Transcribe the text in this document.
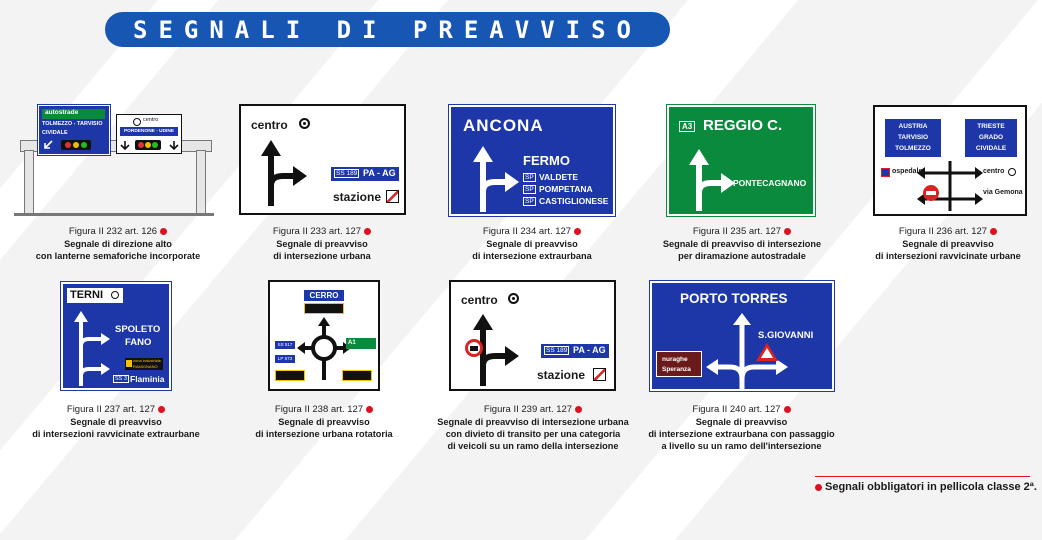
SEGNALI DI PREAVVISO
autostrade
TOLMEZZO - TARVISIO
CIVIDALE
centro
PORDENONE - UDINE
Figura II 232 art. 126
Segnale di direzione alto
con lanterne semaforiche incorporate
centro
SS 189 PA - AG
stazione
Figura II 233 art. 127
Segnale di preavviso
di intersezione urbana
ANCONA
FERMO
SP
SP
SP
VALDETE
POMPETANA
CASTIGLIONESE
Figura II 234 art. 127
Segnale di preavviso
di intersezione extraurbana
A3 REGGIO C.
PONTECAGNANO
Figura II 235 art. 127
Segnale di preavviso di intersezione
per diramazione autostradale
AUSTRIA
TARVISIO
TOLMEZZO
TRIESTE
GRADO
CIVIDALE
ospedale	centro
via Gemona
Figura II 236 art. 127
Segnale di preavviso
di intersezioni ravvicinate urbane
TERNI
SPOLETO
FANO
zona industriale
RAMIGNANO
SS 3 Flaminia
Figura II 237 art. 127
Segnale di preavviso
di intersezioni ravvicinate extraurbane
CERRO
A1
SS 517
LP 573
Figura II 238 art. 127
Segnale di preavviso
di intersezione urbana rotatoria
centro
SS 189 PA - AG
stazione
Figura II 239 art. 127
Segnale di preavviso di intersezione urbana
con divieto di transito per una categoria
di veicoli su un ramo della intersezione
PORTO TORRES
S.GIOVANNI
nuraghe
Speranza
Figura II 240 art. 127
Segnale di preavviso
di intersezione extraurbana con passaggio
a livello su un ramo dell'intersezione
Segnali obbligatori in pellicola classe 2ª.
